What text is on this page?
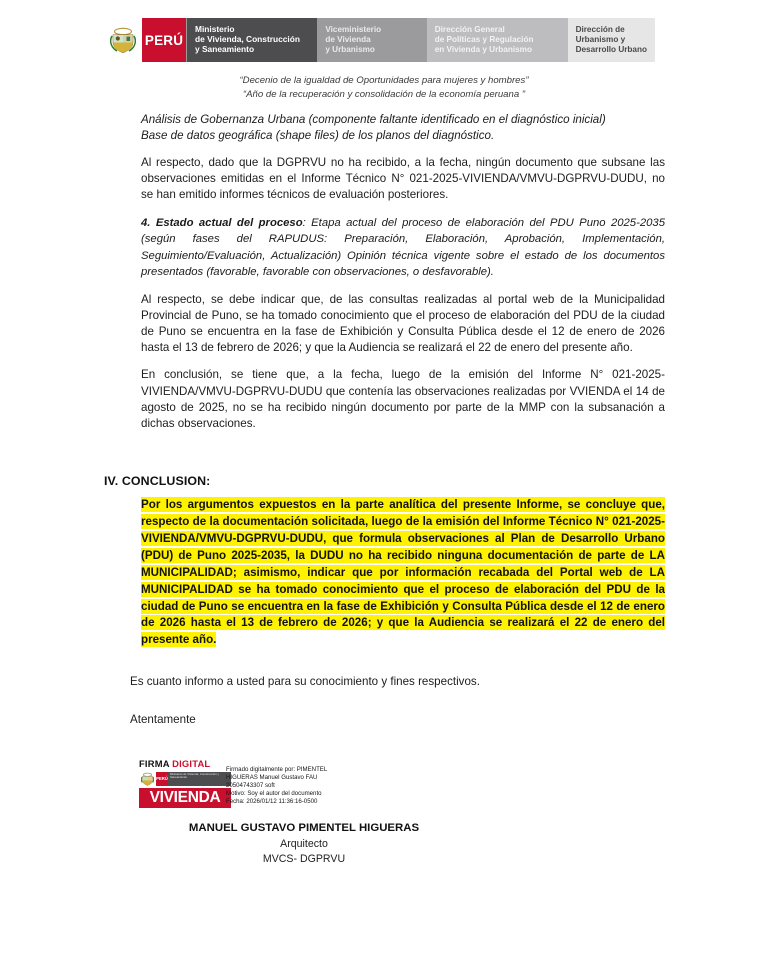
PERÚ
Ministerio
de Vivienda, Construcción
y Saneamiento
Viceministerio
de Vivienda
y Urbanismo
Dirección General
de Políticas y Regulación
en Vivienda y Urbanismo
Dirección de
Urbanismo y
Desarrollo Urbano
“Decenio de la igualdad de Oportunidades para mujeres y hombres”
“Año de la recuperación y consolidación de la economía peruana ”

Análisis de Gobernanza Urbana (componente faltante identificado en el diagnóstico inicial)
Base de datos geográfica (shape files) de los planos del diagnóstico.

Al respecto, dado que la DGPRVU no ha recibido, a la fecha, ningún documento que subsane las observaciones emitidas en el Informe Técnico N° 021-2025-VIVIENDA/VMVU-DGPRVU-DUDU, no se han emitido informes técnicos de evaluación posteriores.

4. Estado actual del proceso: Etapa actual del proceso de elaboración del PDU Puno 2025-2035 (según fases del RAPUDUS: Preparación, Elaboración, Aprobación, Implementación, Seguimiento/Evaluación, Actualización) Opinión técnica vigente sobre el estado de los documentos presentados (favorable, favorable con observaciones, o desfavorable).

Al respecto, se debe indicar que, de las consultas realizadas al portal web de la Municipalidad Provincial de Puno, se ha tomado conocimiento que el proceso de elaboración del PDU de la ciudad de Puno se encuentra en la fase de Exhibición y Consulta Pública desde el 12 de enero de 2026 hasta el 13 de febrero de 2026; y que la Audiencia se realizará el 22 de enero del presente año.

En conclusión, se tiene que, a la fecha, luego de la emisión del Informe N° 021-2025-VIVIENDA/VMVU-DGPRVU-DUDU que contenía las observaciones realizadas por VVIENDA el 14 de agosto de 2025, no se ha recibido ningún documento por parte de la MMP con la subsanación a dichas observaciones.

IV. CONCLUSION:

Por los argumentos expuestos en la parte analítica del presente Informe, se concluye que, respecto de la documentación solicitada, luego de la emisión del Informe Técnico N° 021-2025-VIVIENDA/VMVU-DGPRVU-DUDU, que formula observaciones al Plan de Desarrollo Urbano (PDU) de Puno 2025-2035, la DUDU no ha recibido ninguna documentación de parte de LA MUNICIPALIDAD; asimismo, indicar que por información recabada del Portal web de LA MUNICIPALIDAD se ha tomado conocimiento que el proceso de elaboración del PDU de la ciudad de Puno se encuentra en la fase de Exhibición y Consulta Pública desde el 12 de enero de 2026 hasta el 13 de febrero de 2026; y que la Audiencia se realizará el 22 de enero del presente año.

Es cuanto informo a usted para su conocimiento y fines respectivos.
Atentamente
FIRMA DIGITAL
PERÚ
Ministerio de Vivienda, Construcción y Saneamiento
VIVIENDA
Firmado digitalmente por: PIMENTEL
HIGUERAS Manuel Gustavo FAU
20504743307 soft
Motivo: Soy el autor del documento
Fecha: 2026/01/12 11:36:16-0500
MANUEL GUSTAVO PIMENTEL HIGUERAS
Arquitecto
MVCS- DGPRVU
